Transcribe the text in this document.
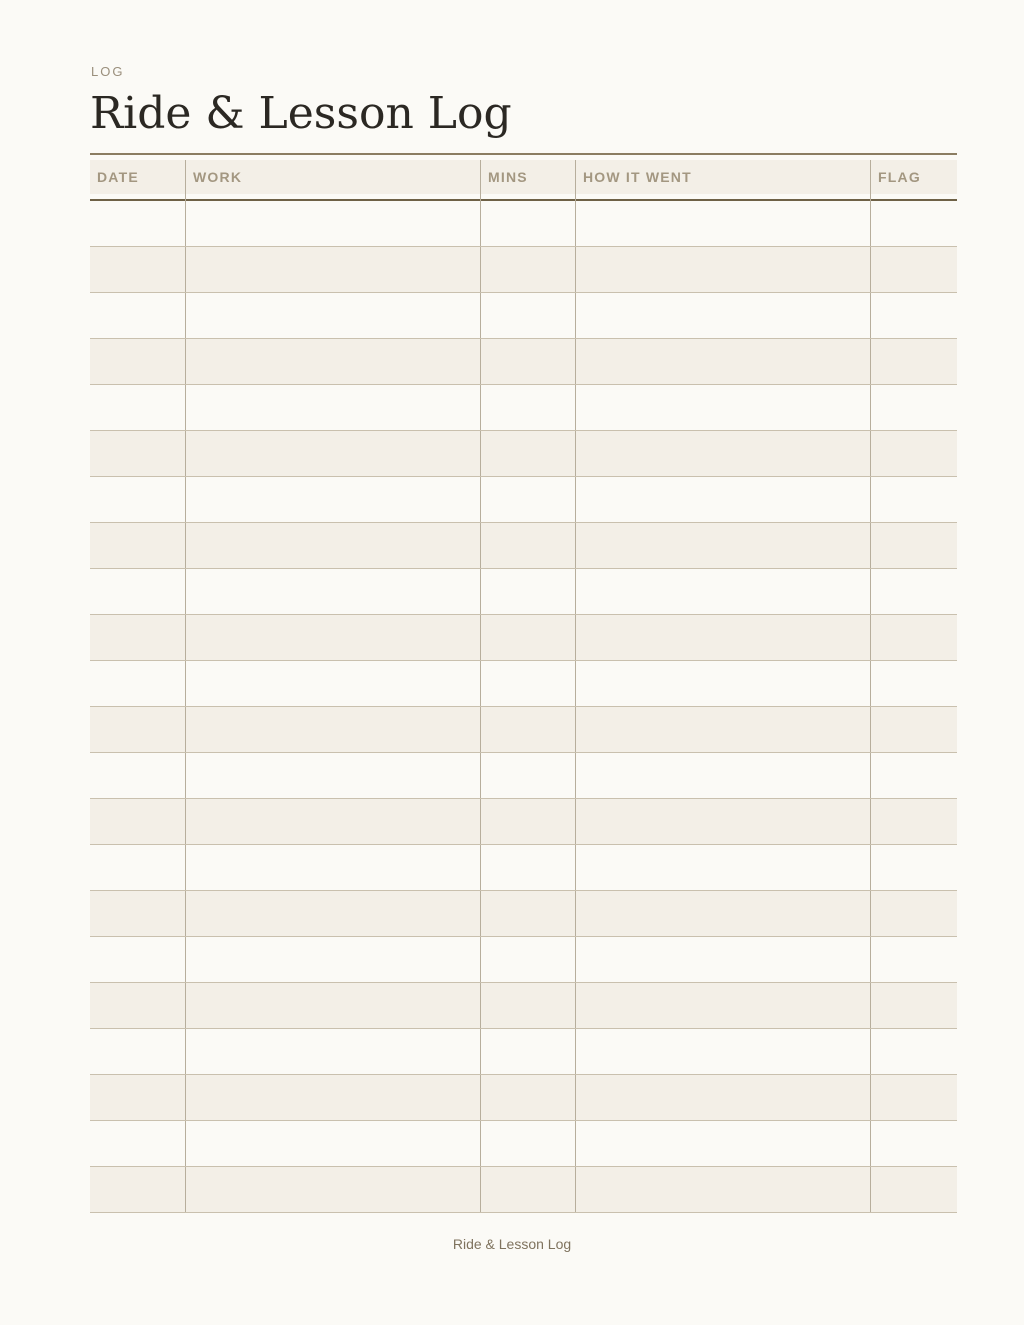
LOG
Ride & Lesson Log
DATE	WORK	MINS	HOW IT WENT	FLAG
Ride & Lesson Log
